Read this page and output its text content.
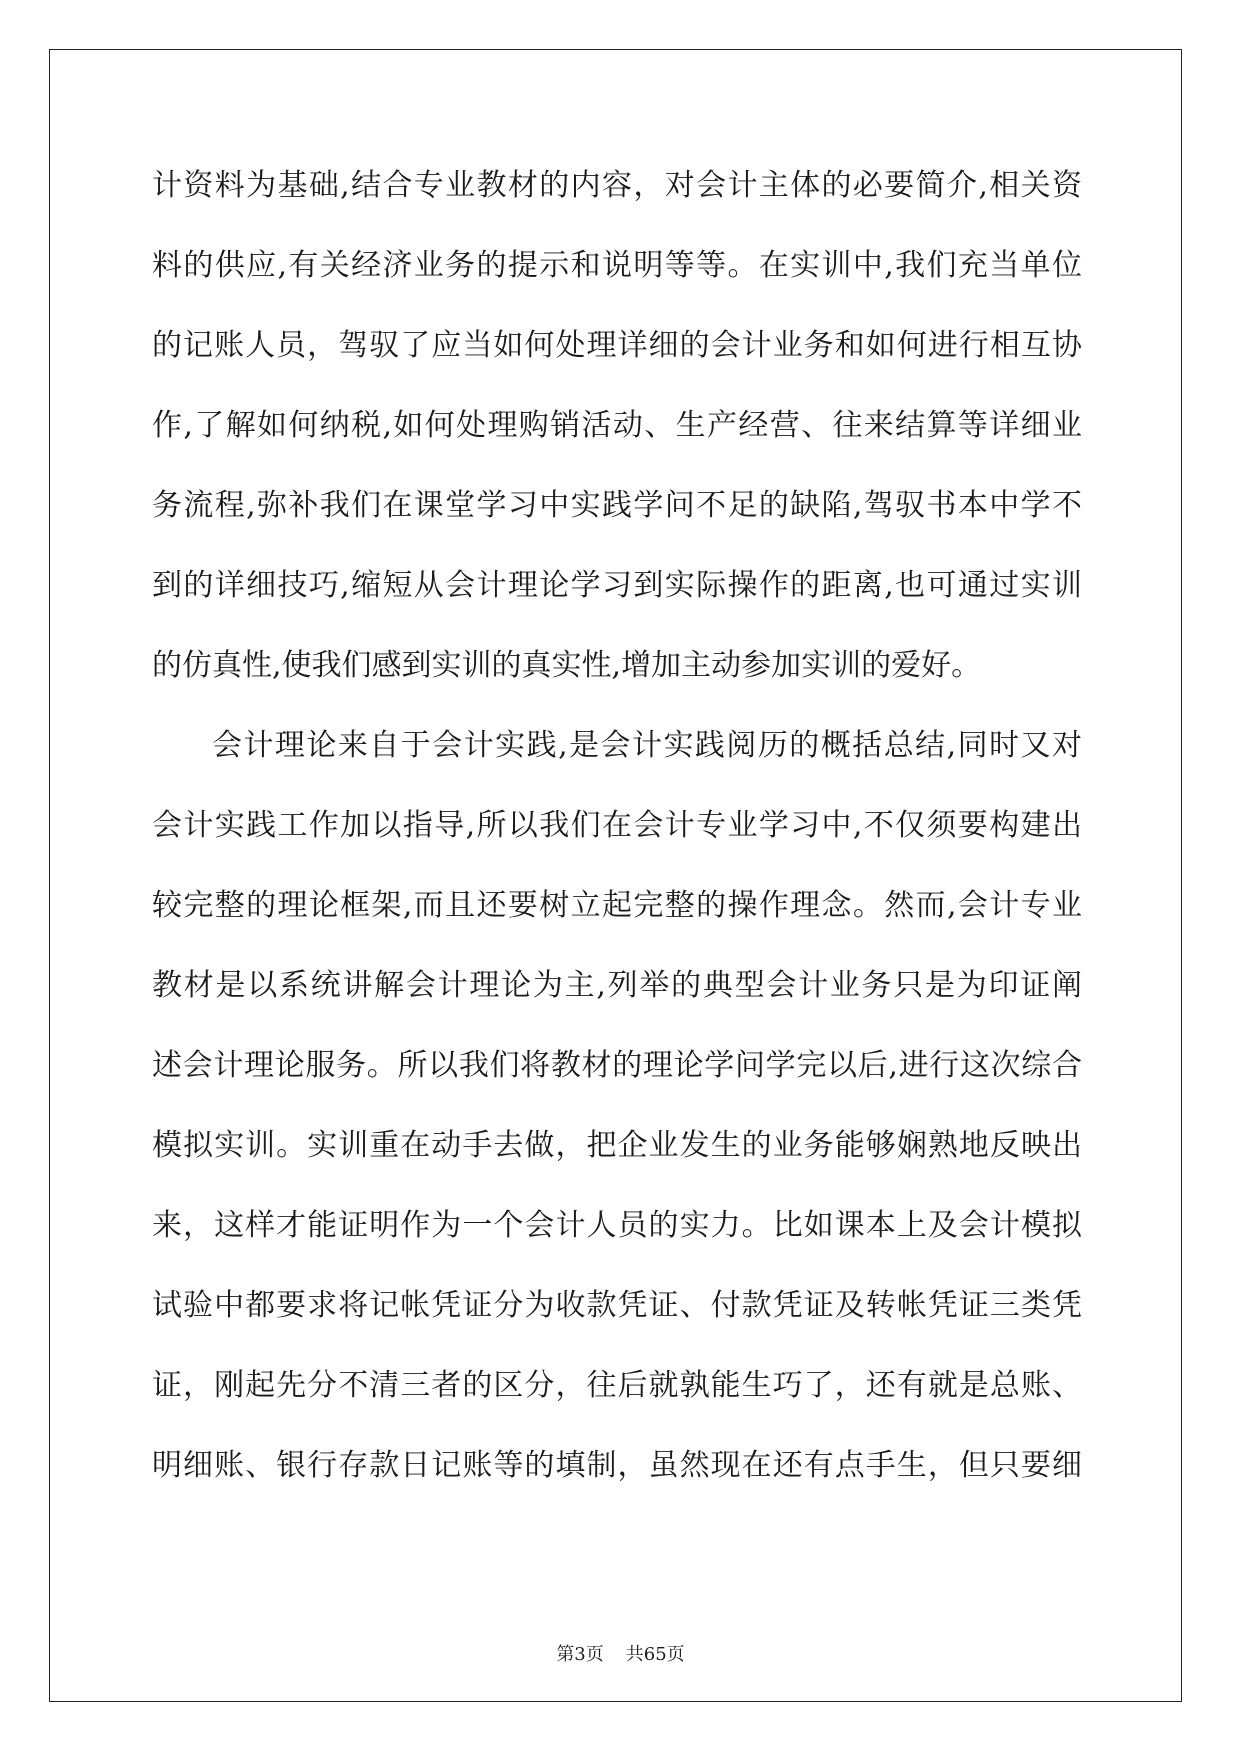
计资料为基础,结合专业教材的内容，对会计主体的必要简介,相关资
料的供应,有关经济业务的提示和说明等等。在实训中,我们充当单位
的记账人员，驾驭了应当如何处理详细的会计业务和如何进行相互协
作,了解如何纳税,如何处理购销活动、生产经营、往来结算等详细业
务流程,弥补我们在课堂学习中实践学问不足的缺陷,驾驭书本中学不
到的详细技巧,缩短从会计理论学习到实际操作的距离,也可通过实训
的仿真性,使我们感到实训的真实性,增加主动参加实训的爱好。
会计理论来自于会计实践,是会计实践阅历的概括总结,同时又对
会计实践工作加以指导,所以我们在会计专业学习中,不仅须要构建出
较完整的理论框架,而且还要树立起完整的操作理念。然而,会计专业
教材是以系统讲解会计理论为主,列举的典型会计业务只是为印证阐
述会计理论服务。所以我们将教材的理论学问学完以后,进行这次综合
模拟实训。实训重在动手去做，把企业发生的业务能够娴熟地反映出
来，这样才能证明作为一个会计人员的实力。比如课本上及会计模拟
试验中都要求将记帐凭证分为收款凭证、付款凭证及转帐凭证三类凭
证，刚起先分不清三者的区分，往后就孰能生巧了，还有就是总账、
明细账、银行存款日记账等的填制，虽然现在还有点手生，但只要细
第3页 共65页
